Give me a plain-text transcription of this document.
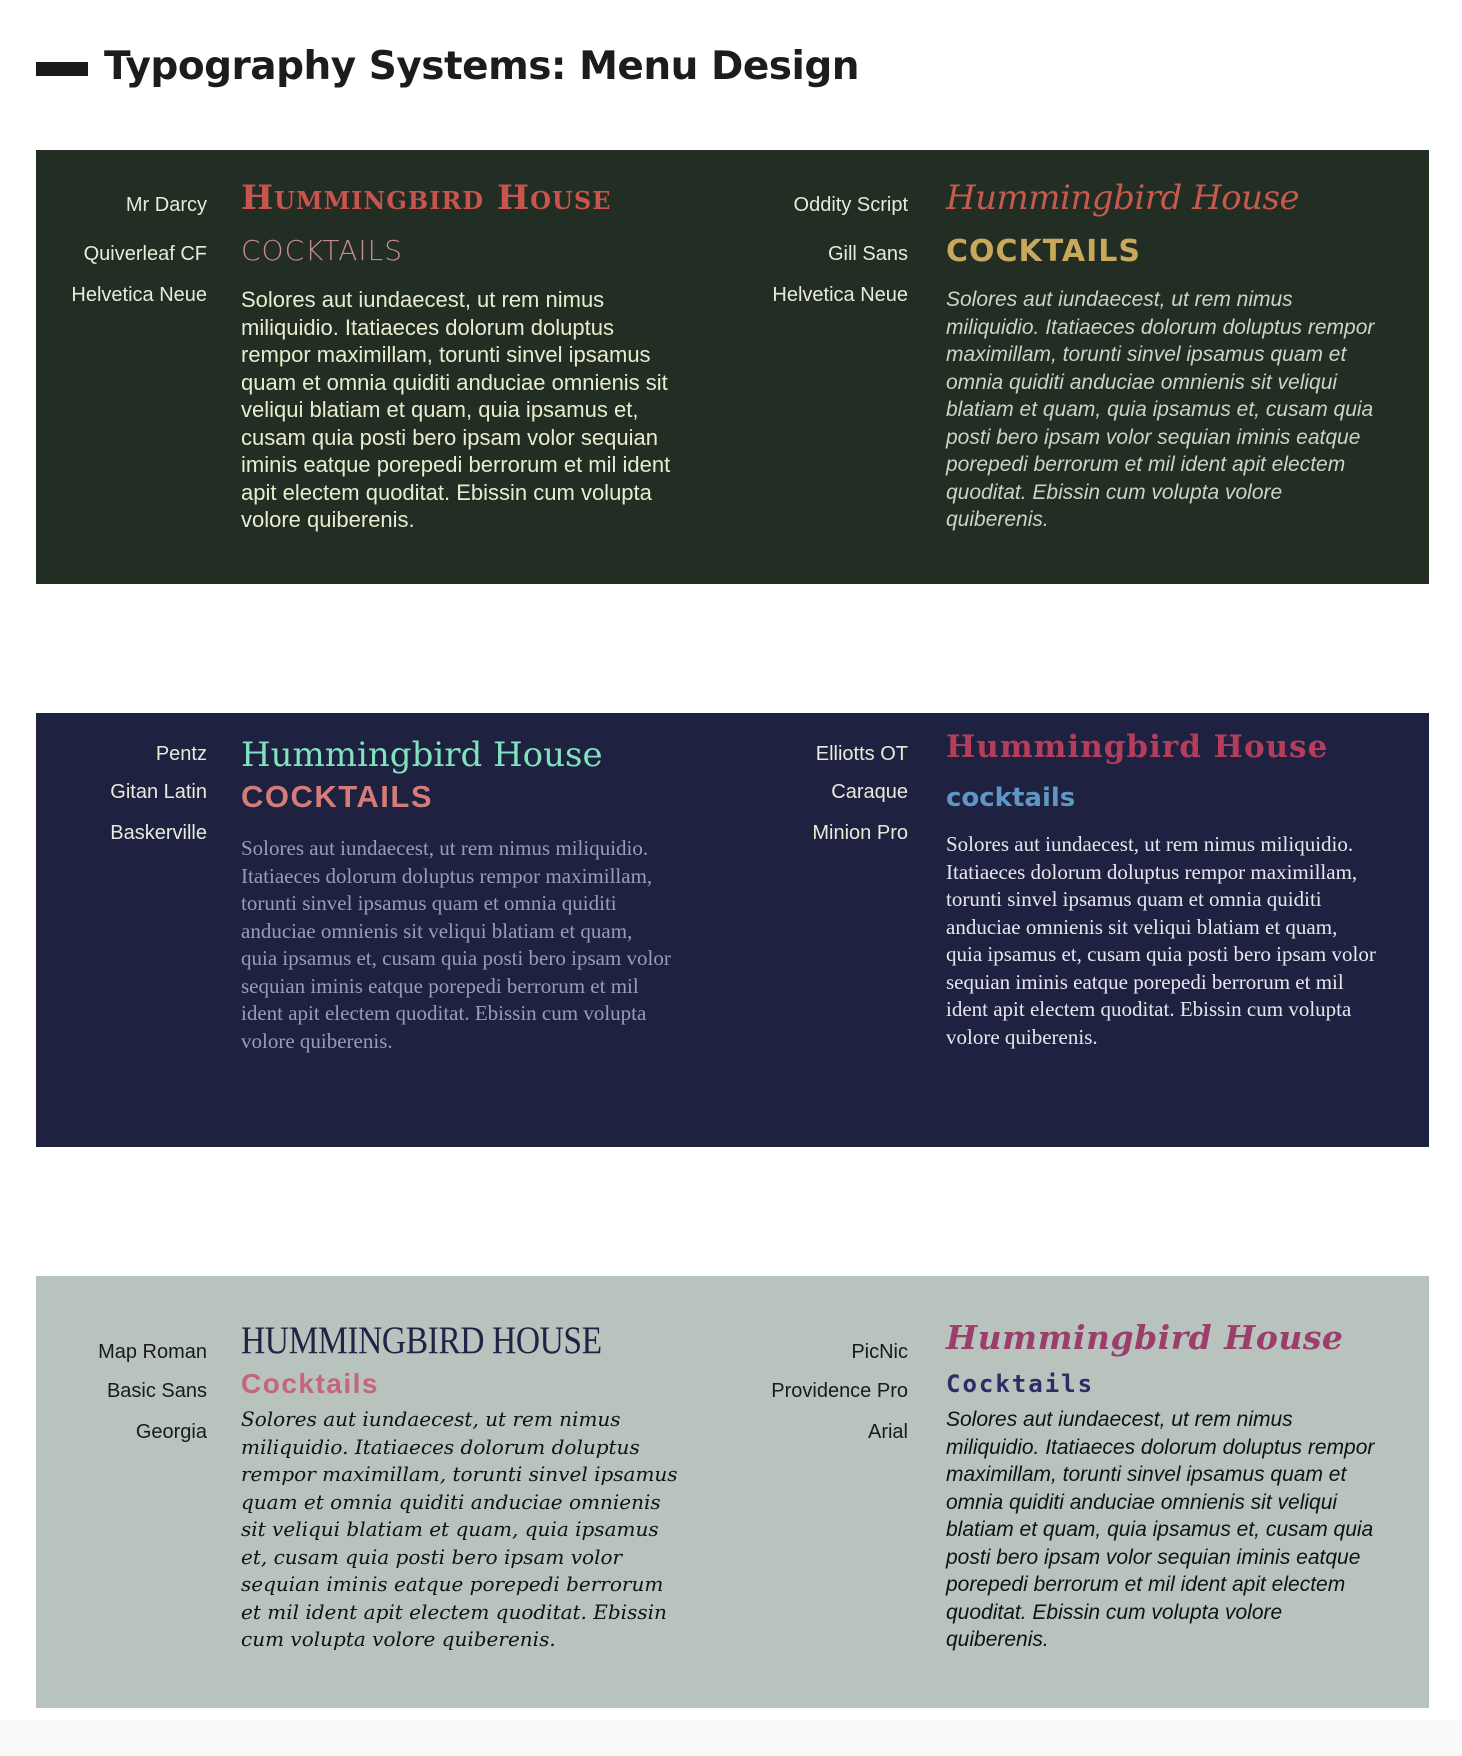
Typography Systems: Menu Design
Mr Darcy
Quiverleaf CF
Helvetica Neue
Hummingbird House
COCKTAILS
Solores aut iundaecest, ut rem nimus miliquidio. Itatiaeces dolorum doluptus rempor maximillam, torunti sinvel ipsamus quam et omnia quiditi anduciae omnienis sit veliqui blatiam et quam, quia ipsamus et, cusam quia posti bero ipsam volor sequian iminis eatque porepedi berrorum et mil ident apit electem quoditat. Ebissin cum volupta volore quiberenis.
Oddity Script
Gill Sans
Helvetica Neue
Hummingbird House
COCKTAILS
Solores aut iundaecest, ut rem nimus miliquidio. Itatiaeces dolorum doluptus rempor maximillam, torunti sinvel ipsamus quam et omnia quiditi anduciae omnienis sit veliqui blatiam et quam, quia ipsamus et, cusam quia posti bero ipsam volor sequian iminis eatque porepedi berrorum et mil ident apit electem quoditat. Ebissin cum volupta volore quiberenis.
Pentz
Gitan Latin
Baskerville
Hummingbird House
COCKTAILS
Solores aut iundaecest, ut rem nimus miliquidio. Itatiaeces dolorum doluptus rempor maximillam, torunti sinvel ipsamus quam et omnia quiditi anduciae omnienis sit veliqui blatiam et quam, quia ipsamus et, cusam quia posti bero ipsam volor sequian iminis eatque porepedi berrorum et mil ident apit electem quoditat. Ebissin cum volupta volore quiberenis.
Elliotts OT
Caraque
Minion Pro
Hummingbird House
cocktails
Solores aut iundaecest, ut rem nimus miliquidio. Itatiaeces dolorum doluptus rempor maximillam, torunti sinvel ipsamus quam et omnia quiditi anduciae omnienis sit veliqui blatiam et quam, quia ipsamus et, cusam quia posti bero ipsam volor sequian iminis eatque porepedi berrorum et mil ident apit electem quoditat. Ebissin cum volupta volore quiberenis.
Map Roman
Basic Sans
Georgia
HUMMINGBIRD HOUSE
Cocktails
Solores aut iundaecest, ut rem nimus miliquidio. Itatiaeces dolorum doluptus rempor maximillam, torunti sinvel ipsamus quam et omnia quiditi anduciae omnienis sit veliqui blatiam et quam, quia ipsamus et, cusam quia posti bero ipsam volor sequian iminis eatque porepedi berrorum et mil ident apit electem quoditat. Ebissin cum volupta volore quiberenis.
PicNic
Providence Pro
Arial
Hummingbird House
Cocktails
Solores aut iundaecest, ut rem nimus miliquidio. Itatiaeces dolorum doluptus rempor maximillam, torunti sinvel ipsamus quam et omnia quiditi anduciae omnienis sit veliqui blatiam et quam, quia ipsamus et, cusam quia posti bero ipsam volor sequian iminis eatque porepedi berrorum et mil ident apit electem quoditat. Ebissin cum volupta volore quiberenis.
